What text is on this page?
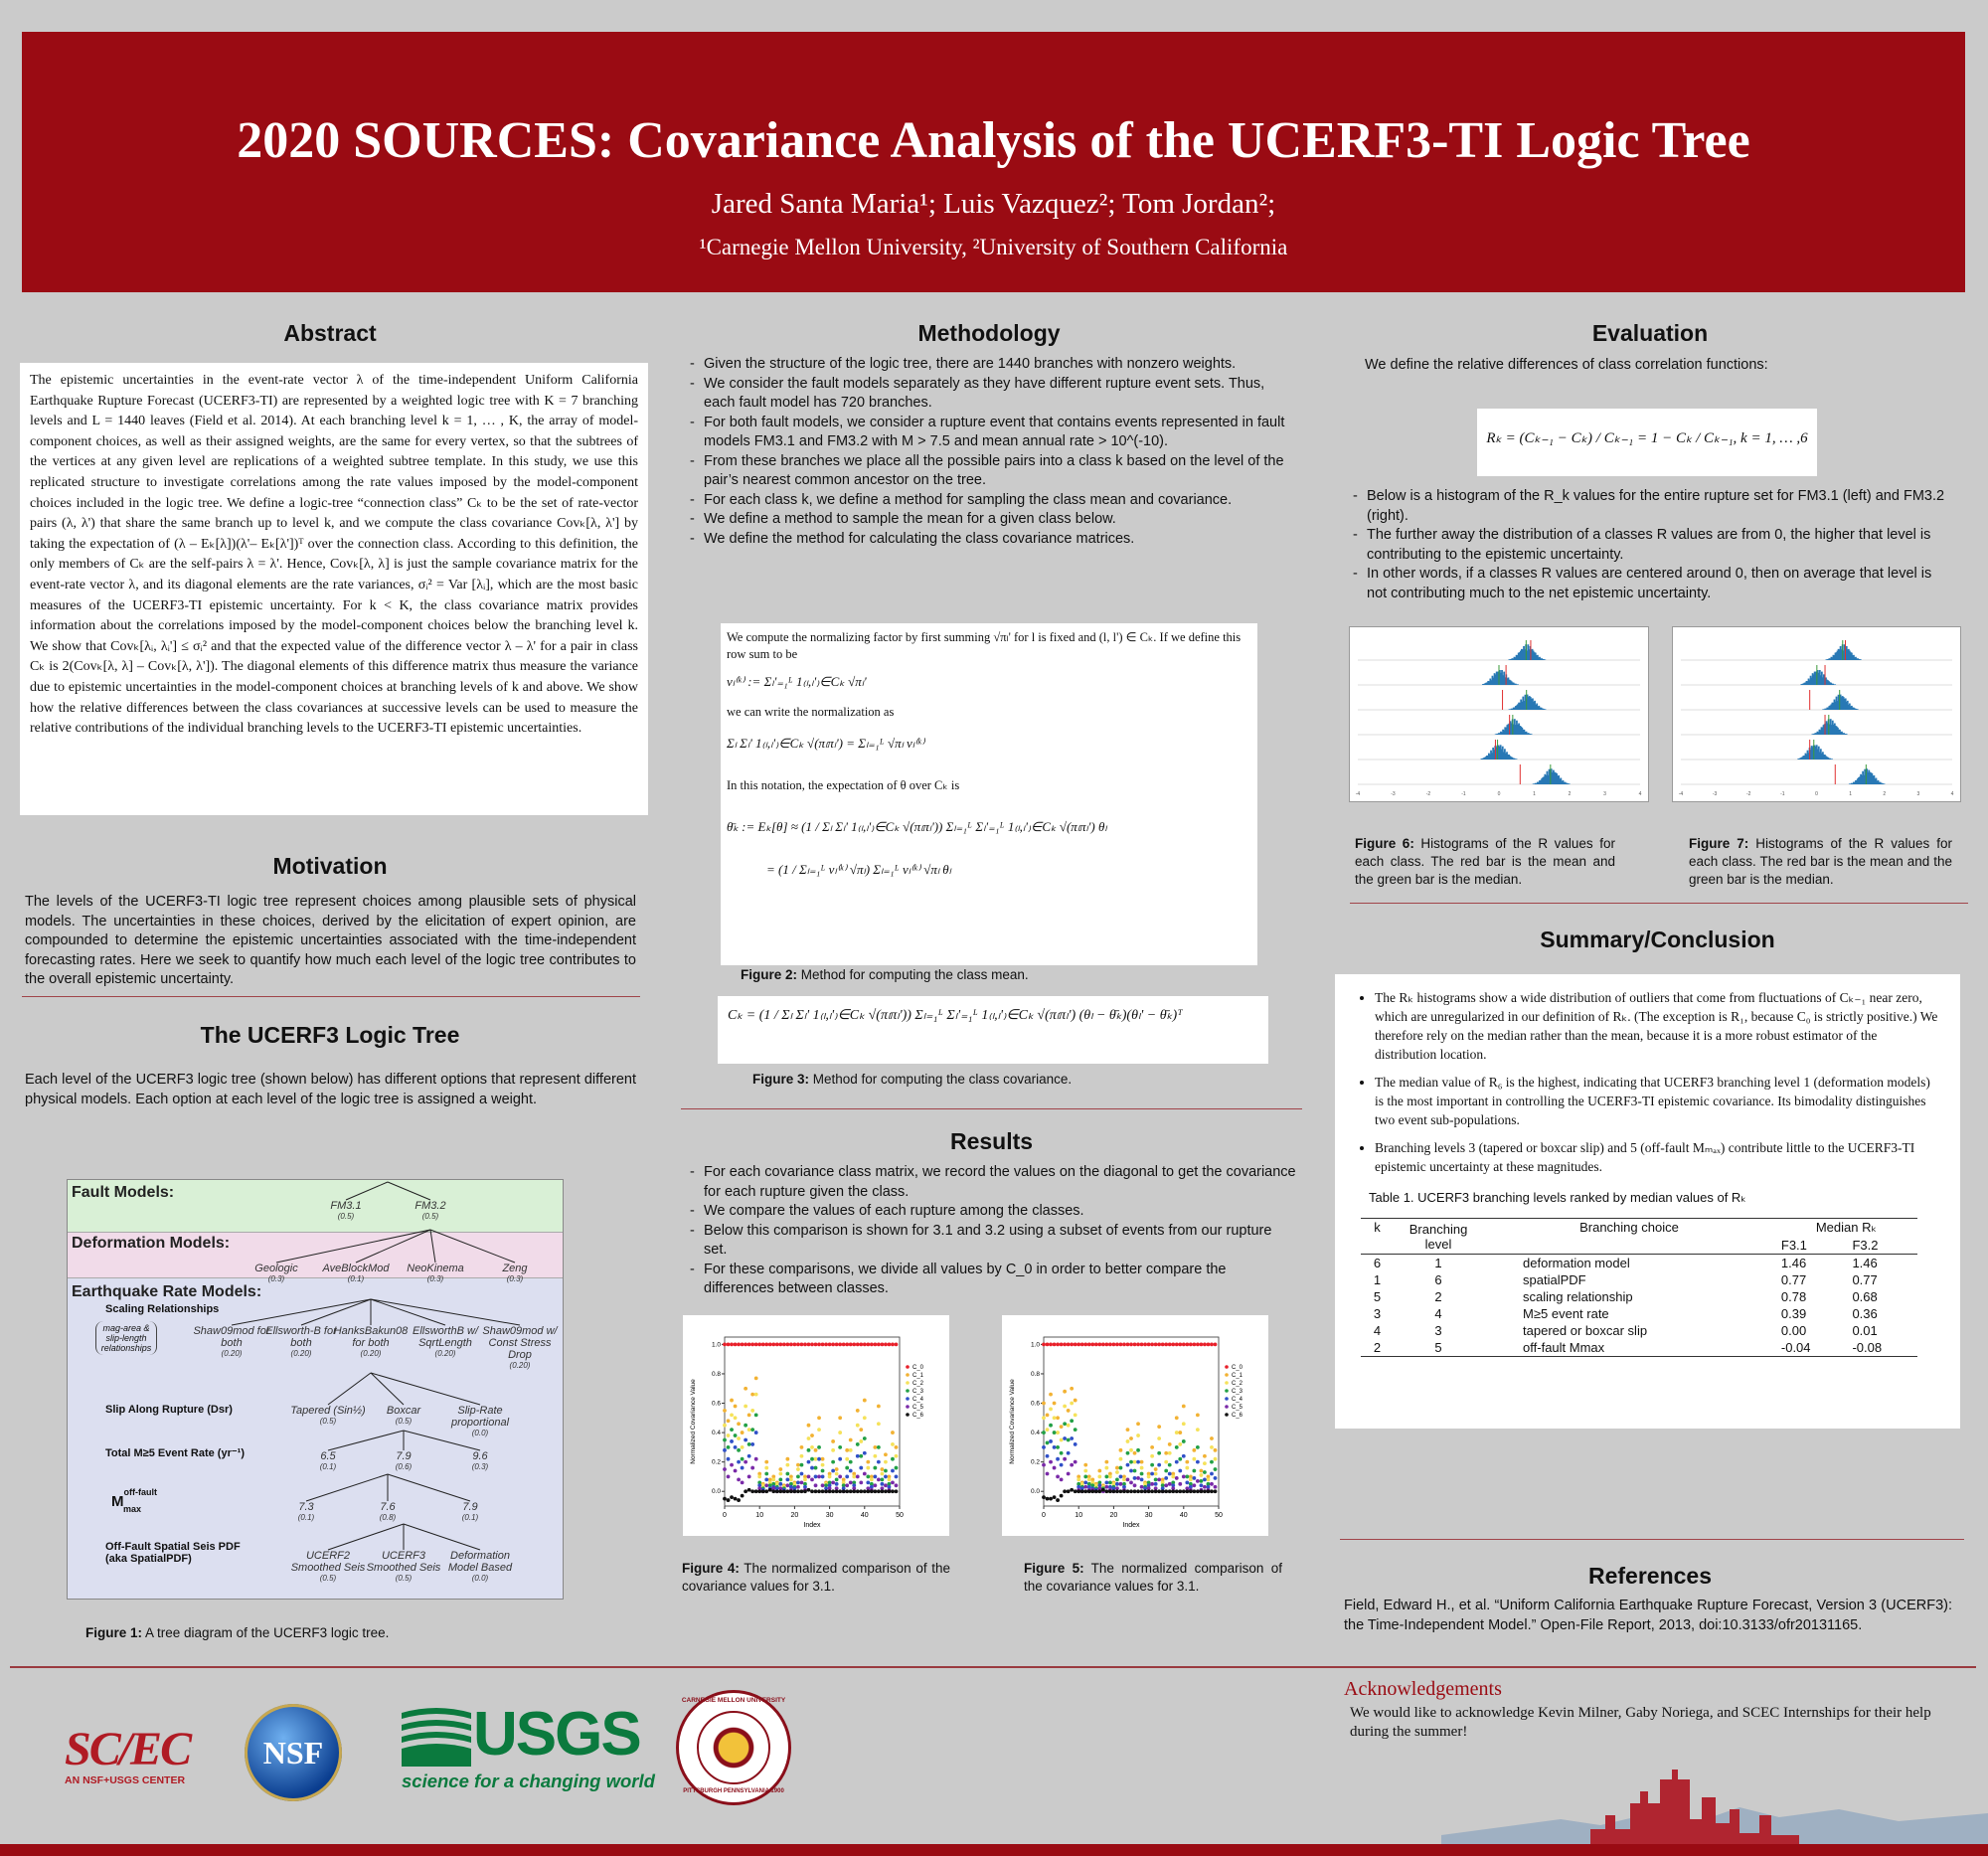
2020 SOURCES: Covariance Analysis of the UCERF3-TI Logic Tree
Jared Santa Maria¹; Luis Vazquez²; Tom Jordan²;
¹Carnegie Mellon University, ²University of Southern California
Abstract
The epistemic uncertainties in the event-rate vector λ of the time-independent Uniform California Earthquake Rupture Forecast (UCERF3-TI) are represented by a weighted logic tree with K = 7 branching levels and L = 1440 leaves (Field et al. 2014). At each branching level k = 1, … , K, the array of model-component choices, as well as their assigned weights, are the same for every vertex, so that the subtrees of the vertices at any given level are replications of a weighted subtree template. In this study, we use this replicated structure to investigate correlations among the rate values imposed by the model-component choices included in the logic tree. We define a logic-tree “connection class” Cₖ to be the set of rate-vector pairs (λ, λ') that share the same branch up to level k, and we compute the class covariance Covₖ[λ, λ'] by taking the expectation of (λ – Eₖ[λ])(λ'– Eₖ[λ'])ᵀ over the connection class. According to this definition, the only members of Cₖ are the self-pairs λ = λ'. Hence, Covₖ[λ, λ] is just the sample covariance matrix for the event-rate vector λ, and its diagonal elements are the rate variances, σᵢ² = Var [λᵢ], which are the most basic measures of the UCERF3-TI epistemic uncertainty. For k < K, the class covariance matrix provides information about the correlations imposed by the model-component choices below the branching level k. We show that Covₖ[λᵢ, λᵢ'] ≤ σᵢ² and that the expected value of the difference vector λ – λ' for a pair in class Cₖ is 2(Covₖ[λ, λ] – Covₖ[λ, λ']). The diagonal elements of this difference matrix thus measure the variance due to epistemic uncertainties in the model-component choices at branching levels of k and above. We show how the relative differences between the class covariances at successive levels can be used to measure the relative contributions of the individual branching levels to the UCERF3-TI epistemic uncertainties.
Motivation
The levels of the UCERF3-TI logic tree represent choices among plausible sets of physical models. The uncertainties in these choices, derived by the elicitation of expert opinion, are compounded to determine the epistemic uncertainties associated with the time-independent forecasting rates. Here we seek to quantify how much each level of the logic tree contributes to the overall epistemic uncertainty.
The UCERF3 Logic Tree
Each level of the UCERF3 logic tree (shown below) has different options that represent different physical models. Each option at each level of the logic tree is assigned a weight.
Fault Models:
Deformation Models:
Earthquake Rate Models:
Scaling Relationships
mag-area & slip-length relationships
Slip Along Rupture (Dsr)
Total M≥5 Event Rate (yr⁻¹)
$M^{off-fault}_{max}$
Off-Fault Spatial Seis PDF (aka SpatialPDF)
FM3.1
(0.5)
FM3.2
(0.5)
Geologic
(0.3)
AveBlockMod
(0.1)
NeoKinema
(0.3)
Zeng
(0.3)
Shaw09mod for both
(0.20)
Ellsworth-B for both
(0.20)
HanksBakun08 for both
(0.20)
EllsworthB w/ SqrtLength
(0.20)
Shaw09mod w/ Const Stress Drop
(0.20)
Tapered (Sin½)
(0.5)
Boxcar
(0.5)
Slip-Rate proportional
(0.0)
6.5
(0.1)
7.9
(0.6)
9.6
(0.3)
7.3
(0.1)
7.6
(0.8)
7.9
(0.1)
UCERF2 Smoothed Seis
(0.5)
UCERF3 Smoothed Seis
(0.5)
Deformation Model Based
(0.0)
Figure 1: A tree diagram of the UCERF3 logic tree.
Methodology
- Given the structure of the logic tree, there are 1440 branches with nonzero weights.
- We consider the fault models separately as they have different rupture event sets. Thus, each fault model has 720 branches.
- For both fault models, we consider a rupture event that contains events represented in fault models FM3.1 and FM3.2 with M > 7.5 and mean annual rate > 10^(-10).
- From these branches we place all the possible pairs into a class k based on the level of the pair’s nearest common ancestor on the tree.
- For each class k, we define a method for sampling the class mean and covariance.
- We define a method to sample the mean for a given class below.
- We define the method for calculating the class covariance matrices.
We compute the normalizing factor by first summing √πₗ' for l is fixed and (l, l') ∈ Cₖ. If we define this row sum to be
vₗ⁽ᵏ⁾ := Σₗ'₌₁ᴸ 1₍ₗ,ₗ'₎∈Cₖ √πₗ'
we can write the normalization as
Σₗ Σₗ' 1₍ₗ,ₗ'₎∈Cₖ √(πₗπₗ') = Σₗ₌₁ᴸ √πₗ vₗ⁽ᵏ⁾
In this notation, the expectation of θ over Cₖ is
θ̄ₖ := Eₖ[θ] ≈ (1 / Σₗ Σₗ' 1₍ₗ,ₗ'₎∈Cₖ √(πₗπₗ')) Σₗ₌₁ᴸ Σₗ'₌₁ᴸ 1₍ₗ,ₗ'₎∈Cₖ √(πₗπₗ') θₗ
= (1 / Σₗ₌₁ᴸ vₗ⁽ᵏ⁾ √πₗ) Σₗ₌₁ᴸ vₗ⁽ᵏ⁾ √πₗ θₗ
Figure 2: Method for computing the class mean.
Cₖ = (1 / Σₗ Σₗ' 1₍ₗ,ₗ'₎∈Cₖ √(πₗπₗ')) Σₗ₌₁ᴸ Σₗ'₌₁ᴸ 1₍ₗ,ₗ'₎∈Cₖ √(πₗπₗ') (θₗ − θ̄ₖ)(θₗ' − θ̄ₖ)ᵀ
Figure 3: Method for computing the class covariance.
Results
- For each covariance class matrix, we record the values on the diagonal to get the covariance for each rupture given the class.
- We compare the values of each rupture among the classes.
- Below this comparison is shown for 3.1 and 3.2 using a subset of events from our rupture set.
- For these comparisons, we divide all values by C_0 in order to better compare the differences between classes.
0	10	20	30	40	50
0.0
0.2
0.4
0.6
0.8
1.0
Index
Normalized Covariance Value
C_0
C_1
C_2
C_3
C_4
C_5
C_6
0	10	20	30	40	50
0.0
0.2
0.4
0.6
0.8
1.0
Index
Normalized Covariance Value
C_0
C_1
C_2
C_3
C_4
C_5
C_6
Figure 4: The normalized comparison of the covariance values for 3.1.
Figure 5: The normalized comparison of the covariance values for 3.1.
Evaluation
We define the relative differences of class correlation functions:
Rₖ = (Cₖ₋₁ − Cₖ) / Cₖ₋₁ = 1 − Cₖ / Cₖ₋₁, k = 1, … ,6
- Below is a histogram of the R_k values for the entire rupture set for FM3.1 (left) and FM3.2 (right).
- The further away the distribution of a classes R values are from 0, the higher that level is contributing to the epistemic uncertainty.
- In other words, if a classes R values are centered around 0, then on average that level is not contributing much to the net epistemic uncertainty.
-4	-3	-2	-1	0	1	2	3	4	-4	-3	-2	-1	0	1	2	3	4
Figure 6: Histograms of the R values for each class. The red bar is the mean and the green bar is the median.
Figure 7: Histograms of the R values for each class. The red bar is the mean and the green bar is the median.
Summary/Conclusion
• The Rₖ histograms show a wide distribution of outliers that come from fluctuations of Cₖ₋₁ near zero, which are unregularized in our definition of Rₖ. (The exception is R₁, because C₀ is strictly positive.) We therefore rely on the median rather than the mean, because it is a more robust estimator of the distribution location.
• The median value of R₆ is the highest, indicating that UCERF3 branching level 1 (deformation models) is the most important in controlling the UCERF3-TI epistemic covariance. Its bimodality distinguishes two event sub-populations.
• Branching levels 3 (tapered or boxcar slip) and 5 (off-fault Mₘₐₓ) contribute little to the UCERF3-TI epistemic uncertainty at these magnitudes.
Table 1. UCERF3 branching levels ranked by median values of Rₖ
k	Branching level	Branching choice	Median Rₖ	
			F3.1	F3.2
6	1	deformation model	1.46	1.46
1	6	spatialPDF	0.77	0.77
5	2	scaling relationship	0.78	0.68
3	4	M≥5 event rate	0.39	0.36
4	3	tapered or boxcar slip	0.00	0.01
2	5	off-fault Mmax	-0.04	-0.08
References
Field, Edward H., et al. “Uniform California Earthquake Rupture Forecast, Version 3 (UCERF3): the Time-Independent Model.” Open-File Report, 2013, doi:10.3133/ofr20131165.
Acknowledgements
We would like to acknowledge Kevin Milner, Gaby Noriega, and SCEC Internships for their help during the summer!
SC/EC
AN NSF+USGS CENTER
NSF USGS
science for a changing world
CARNEGIE MELLON UNIVERSITY
PITTSBURGH PENNSYLVANIA 1900
